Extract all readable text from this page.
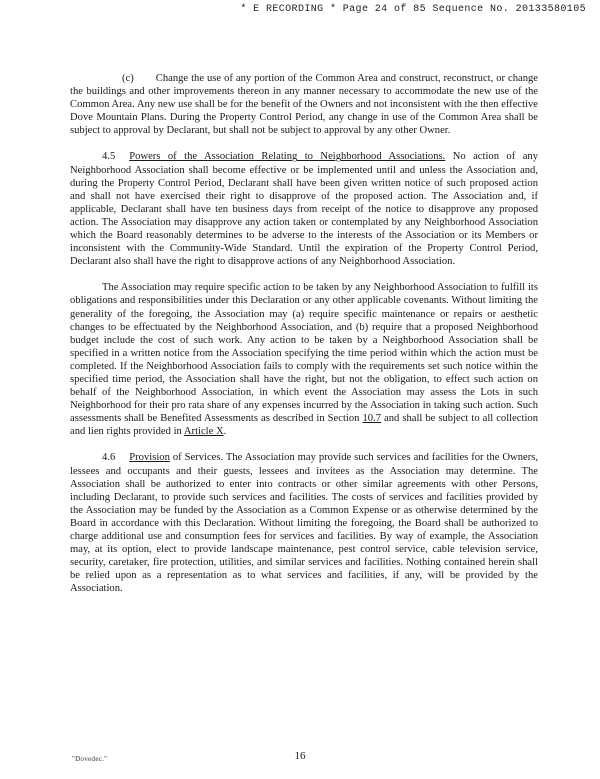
* E RECORDING * Page 24 of 85 Sequence No. 20133580105

(c) Change the use of any portion of the Common Area and construct, reconstruct, or change the buildings and other improvements thereon in any manner necessary to accommodate the new use of the Common Area. Any new use shall be for the benefit of the Owners and not inconsistent with the then effective Dove Mountain Plans. During the Property Control Period, any change in use of the Common Area shall be subject to approval by Declarant, but shall not be subject to approval by any other Owner.

4.5 Powers of the Association Relating to Neighborhood Associations. No action of any Neighborhood Association shall become effective or be implemented until and unless the Association and, during the Property Control Period, Declarant shall have been given written notice of such proposed action and shall not have exercised their right to disapprove of the proposed action. The Association and, if applicable, Declarant shall have ten business days from receipt of the notice to disapprove any proposed action. The Association may disapprove any action taken or contemplated by any Neighborhood Association which the Board reasonably determines to be adverse to the interests of the Association or its Members or inconsistent with the Community-Wide Standard. Until the expiration of the Property Control Period, Declarant also shall have the right to disapprove actions of any Neighborhood Association.

The Association may require specific action to be taken by any Neighborhood Association to fulfill its obligations and responsibilities under this Declaration or any other applicable covenants. Without limiting the generality of the foregoing, the Association may (a) require specific maintenance or repairs or aesthetic changes to be effectuated by the Neighborhood Association, and (b) require that a proposed Neighborhood budget include the cost of such work. Any action to be taken by a Neighborhood Association shall be specified in a written notice from the Association specifying the time period within which the action must be completed. If the Neighborhood Association fails to comply with the requirements set such notice within the specified time period, the Association shall have the right, but not the obligation, to effect such action on behalf of the Neighborhood Association, in which event the Association may assess the Lots in such Neighborhood for their pro rata share of any expenses incurred by the Association in taking such action. Such assessments shall be Benefited Assessments as described in Section 10.7 and shall be subject to all collection and lien rights provided in Article X.

4.6 Provision of Services. The Association may provide such services and facilities for the Owners, lessees and occupants and their guests, lessees and invitees as the Association may determine. The Association shall be authorized to enter into contracts or other similar agreements with other Persons, including Declarant, to provide such services and facilities. The costs of services and facilities provided by the Association may be funded by the Association as a Common Expense or as otherwise determined by the Board in accordance with this Declaration. Without limiting the foregoing, the Board shall be authorized to charge additional use and consumption fees for services and facilities. By way of example, the Association may, at its option, elect to provide landscape maintenance, pest control service, cable television service, security, caretaker, fire protection, utilities, and similar services and facilities. Nothing contained herein shall be relied upon as a representation as to what services and facilities, if any, will be provided by the Association.

"Dovedec."	16
